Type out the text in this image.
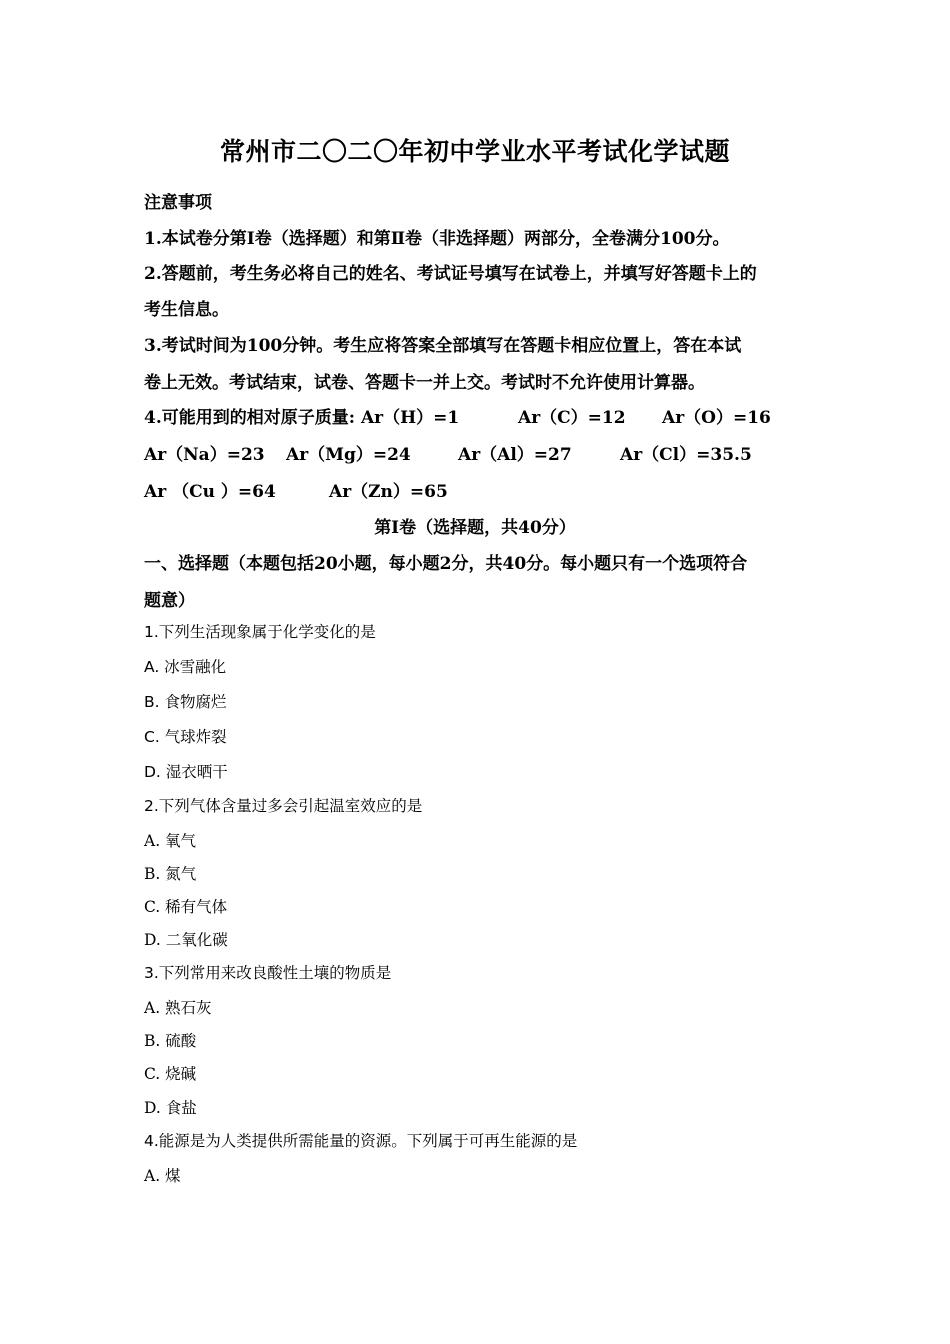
常州市二〇二〇年初中学业水平考试化学试题
注意事项
1.本试卷分第Ⅰ卷（选择题）和第Ⅱ卷（非选择题）两部分，全卷满分100分。
2.答题前，考生务必将自己的姓名、考试证号填写在试卷上，并填写好答题卡上的
考生信息。
3.考试时间为100分钟。考生应将答案全部填写在答题卡相应位置上，答在本试
卷上无效。考试结束，试卷、答题卡一并上交。考试时不允许使用计算器。
4.可能用到的相对原子质量: Ar（H）=1	Ar（C）=12 Ar（O）=16
Ar（Na）=23 Ar（Mg）=24	Ar（Al）=27	Ar（Cl）=35.5
Ar （Cu ）=64	Ar（Zn）=65
第Ⅰ卷（选择题，共40分）
一、选择题（本题包括20小题，每小题2分，共40分。每小题只有一个选项符合
题意）
1.下列生活现象属于化学变化的是
A. 冰雪融化
B. 食物腐烂
C. 气球炸裂
D. 湿衣晒干
2.下列气体含量过多会引起温室效应的是
A. 氧气
B. 氮气
C. 稀有气体
D. 二氧化碳
3.下列常用来改良酸性土壤的物质是
A. 熟石灰
B. 硫酸
C. 烧碱
D. 食盐
4.能源是为人类提供所需能量的资源。下列属于可再生能源的是
A. 煤
